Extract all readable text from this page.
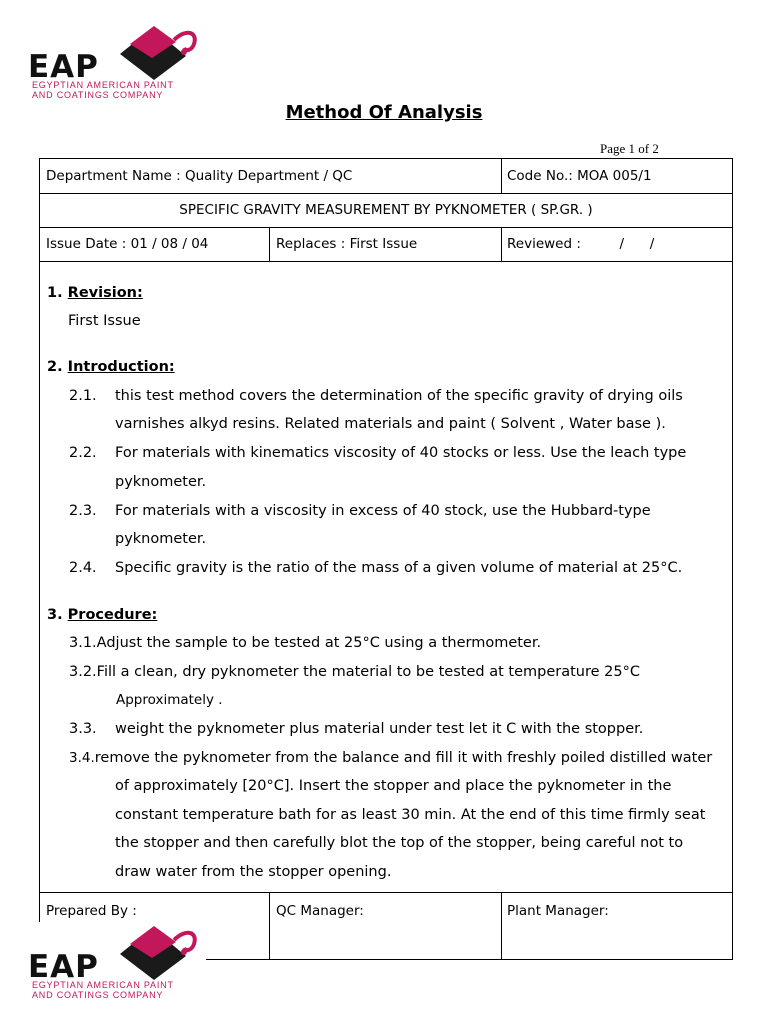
EAP
EGYPTIAN AMERICAN PAINT
AND COATINGS COMPANY
Method Of Analysis
Page 1 of 2
Department Name : Quality Department / QC	Code No.: MOA 005/1
SPECIFIC GRAVITY MEASUREMENT BY PYKNOMETER ( SP.GR. )
Issue Date : 01 / 08 / 04	Replaces : First Issue	Reviewed :         /      /
1. Revision:
First Issue
2. Introduction:
2.1. this test method covers the determination of the specific gravity of drying oils
varnishes alkyd resins. Related materials and paint ( Solvent , Water base ).
2.2. For materials with kinematics viscosity of 40 stocks or less. Use the leach type
pyknometer.
2.3. For materials with a viscosity in excess of 40 stock, use the Hubbard-type
pyknometer.
2.4. Specific gravity is the ratio of the mass of a given volume of material at 25°C.
3. Procedure:
3.1.Adjust the sample to be tested at 25°C using a thermometer.
3.2.Fill a clean, dry pyknometer the material to be tested at temperature 25°C
Approximately .
3.3. weight the pyknometer plus material under test let it C with the stopper.
3.4.remove the pyknometer from the balance and fill it with freshly poiled distilled water
of approximately [20°C]. Insert the stopper and place the pyknometer in the
constant temperature bath for as least 30 min. At the end of this time firmly seat
the stopper and then carefully blot the top of the stopper, being careful not to
draw water from the stopper opening.
Prepared By :	QC Manager:	Plant Manager:
EAP
EGYPTIAN AMERICAN PAINT
AND COATINGS COMPANY
